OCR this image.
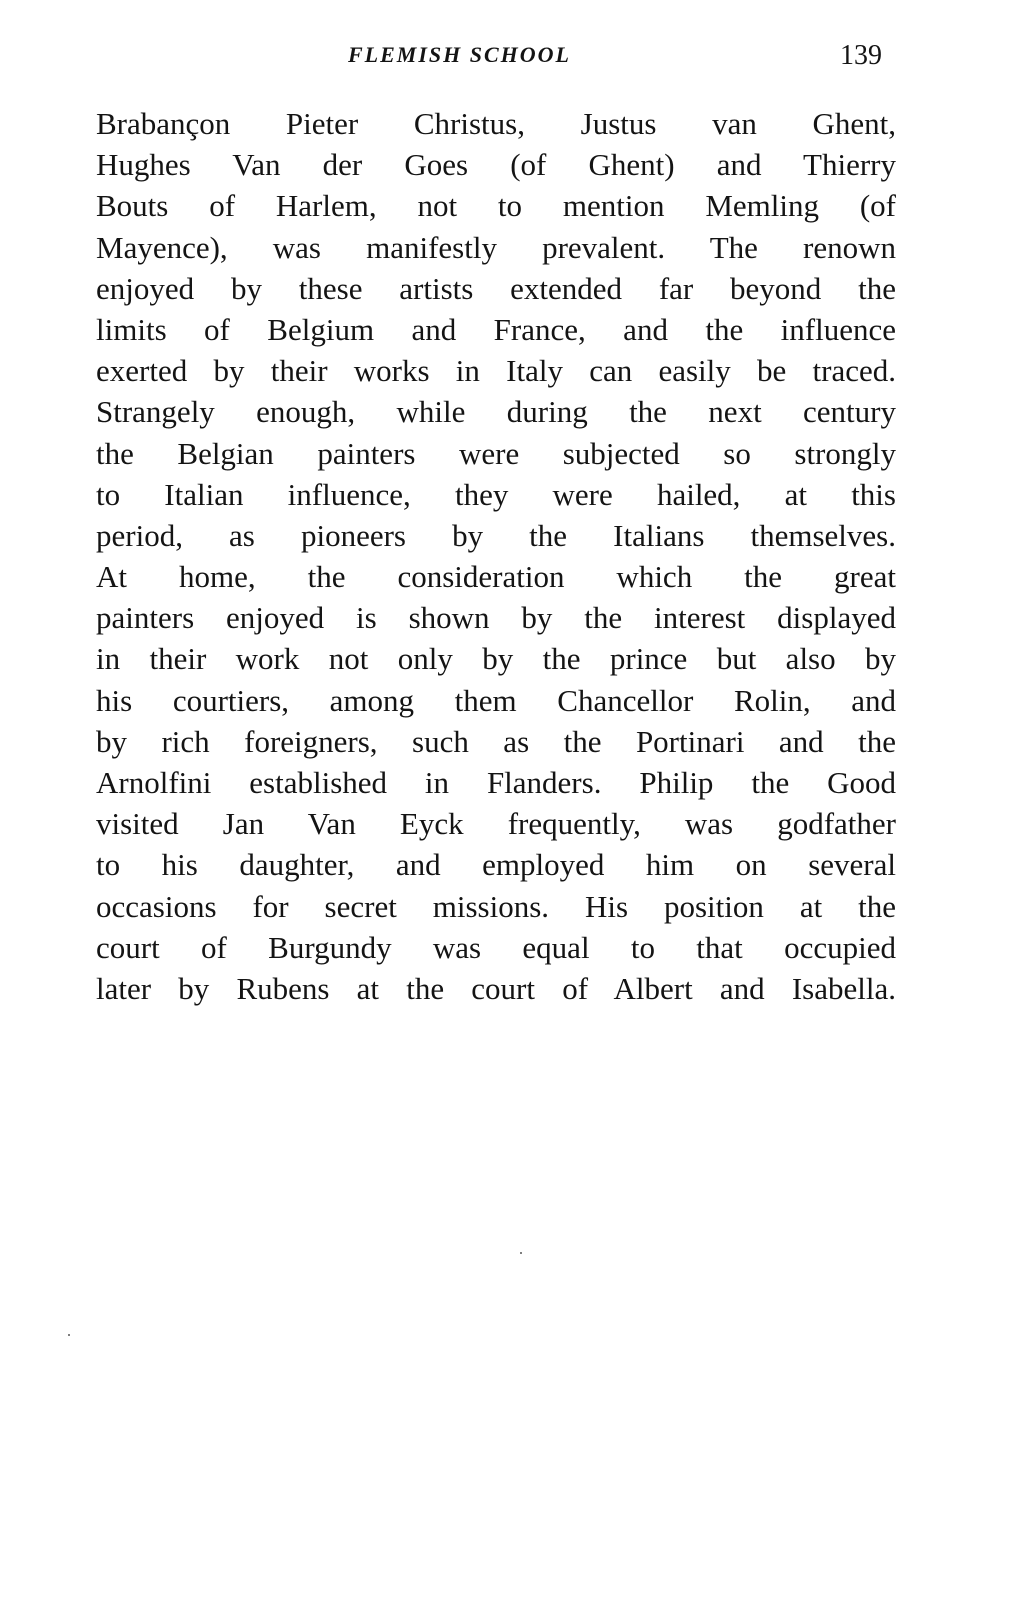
FLEMISH SCHOOL	139
Brabançon Pieter Christus, Justus van Ghent,
Hughes Van der Goes (of Ghent) and Thierry
Bouts of Harlem, not to mention Memling (of
Mayence), was manifestly prevalent. The renown
enjoyed by these artists extended far beyond the
limits of Belgium and France, and the influence
exerted by their works in Italy can easily be traced.
Strangely enough, while during the next century
the Belgian painters were subjected so strongly
to Italian influence, they were hailed, at this
period, as pioneers by the Italians themselves.
At home, the consideration which the great
painters enjoyed is shown by the interest displayed
in their work not only by the prince but also by
his courtiers, among them Chancellor Rolin, and
by rich foreigners, such as the Portinari and the
Arnolfini established in Flanders. Philip the Good
visited Jan Van Eyck frequently, was godfather
to his daughter, and employed him on several
occasions for secret missions. His position at the
court of Burgundy was equal to that occupied
later by Rubens at the court of Albert and Isabella.
